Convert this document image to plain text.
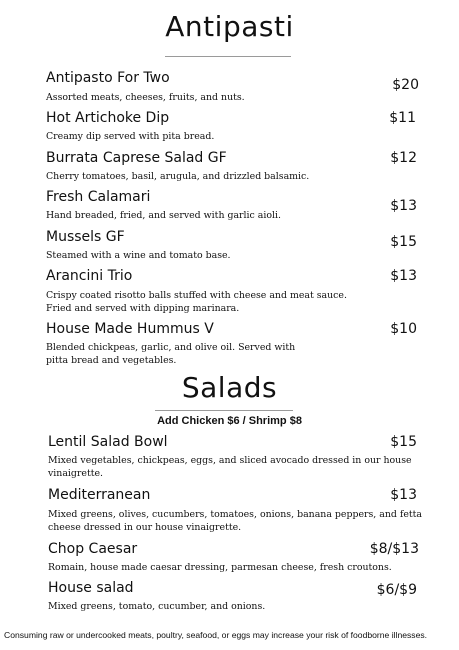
Antipasti
Antipasto For Two
Assorted meats, cheeses, fruits, and nuts.
$20
Hot Artichoke Dip
Creamy dip served with pita bread.
$11
Burrata Caprese Salad GF
Cherry tomatoes, basil, arugula, and drizzled balsamic.
$12
Fresh Calamari
Hand breaded, fried, and served with garlic aioli.
$13
Mussels GF
Steamed with a wine and tomato base.
$15
Arancini Trio
Crispy coated risotto balls stuffed with cheese and meat sauce.
Fried and served with dipping marinara.
$13
House Made Hummus V
Blended chickpeas, garlic, and olive oil. Served with
pitta bread and vegetables.
$10
Salads
Add Chicken $6 / Shrimp $8
Lentil Salad Bowl
Mixed vegetables, chickpeas, eggs, and sliced avocado dressed in our house
vinaigrette.
$15
Mediterranean
Mixed greens, olives, cucumbers, tomatoes, onions, banana peppers, and fetta
cheese dressed in our house vinaigrette.
$13
Chop Caesar
Romain, house made caesar dressing, parmesan cheese, fresh croutons.
$8/$13
House salad
Mixed greens, tomato, cucumber, and onions.
$6/$9
Consuming raw or undercooked meats, poultry, seafood, or eggs may increase your risk of foodborne illnesses.
